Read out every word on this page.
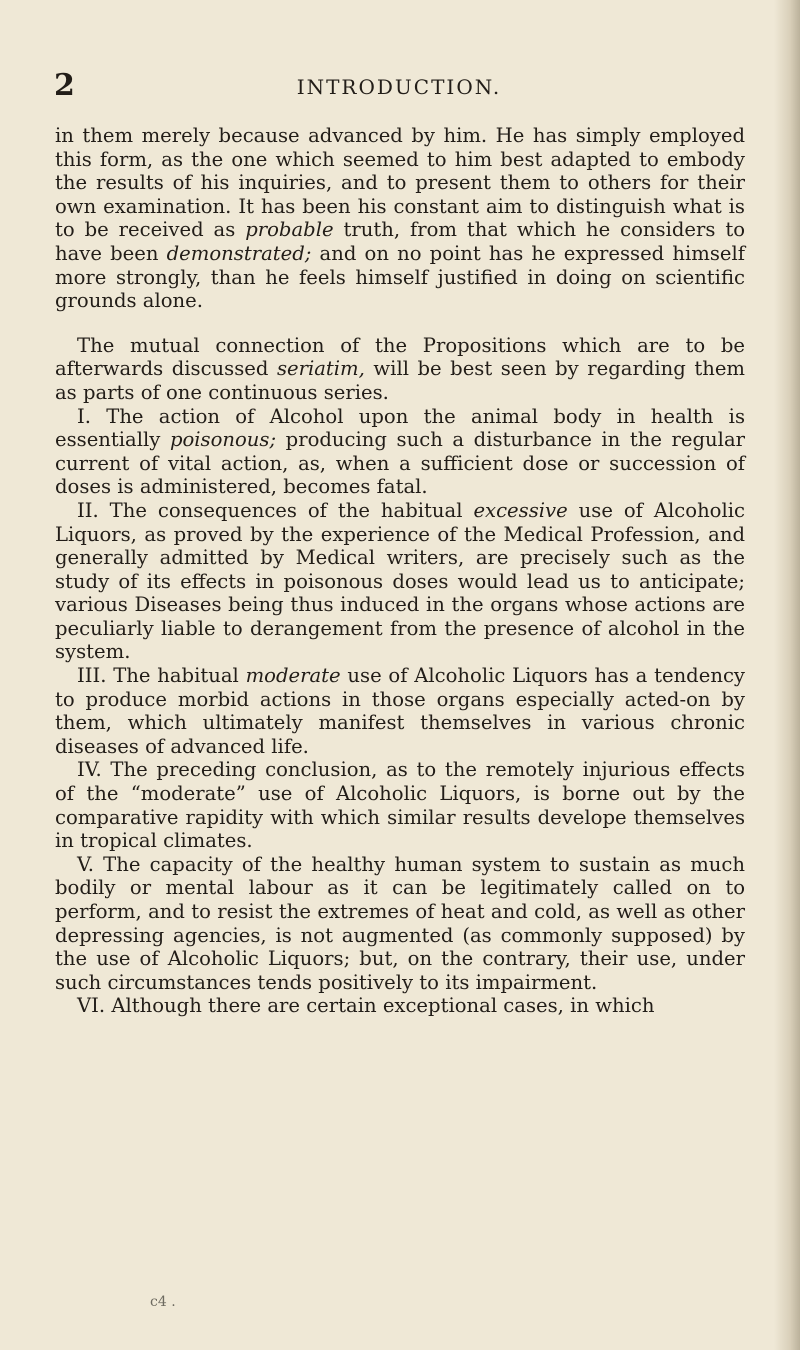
2	INTRODUCTION.

in them merely because advanced by him. He has simply employed this form, as the one which seemed to him best adapted to embody the results of his inquiries, and to present them to others for their own examination. It has been his constant aim to distinguish what is to be received as probable truth, from that which he considers to have been demonstrated; and on no point has he expressed himself more strongly, than he feels himself justified in doing on scientific grounds alone.

The mutual connection of the Propositions which are to be afterwards discussed seriatim, will be best seen by regarding them as parts of one continuous series.

I. The action of Alcohol upon the animal body in health is essentially poisonous; producing such a disturbance in the regular current of vital action, as, when a sufficient dose or succession of doses is administered, becomes fatal.

II. The consequences of the habitual excessive use of Alcoholic Liquors, as proved by the experience of the Medical Profession, and generally admitted by Medical writers, are precisely such as the study of its effects in poisonous doses would lead us to anticipate; various Diseases being thus induced in the organs whose actions are peculiarly liable to derangement from the presence of alcohol in the system.

III. The habitual moderate use of Alcoholic Liquors has a tendency to produce morbid actions in those organs especially acted-on by them, which ultimately manifest themselves in various chronic diseases of advanced life.

IV. The preceding conclusion, as to the remotely injurious effects of the “moderate” use of Alcoholic Liquors, is borne out by the comparative rapidity with which similar results develope themselves in tropical climates.

V. The capacity of the healthy human system to sustain as much bodily or mental labour as it can be legitimately called on to perform, and to resist the extremes of heat and cold, as well as other depressing agencies, is not augmented (as commonly supposed) by the use of Alcoholic Liquors; but, on the contrary, their use, under such circumstances tends positively to its impairment.

VI. Although there are certain exceptional cases, in which

c4 .
